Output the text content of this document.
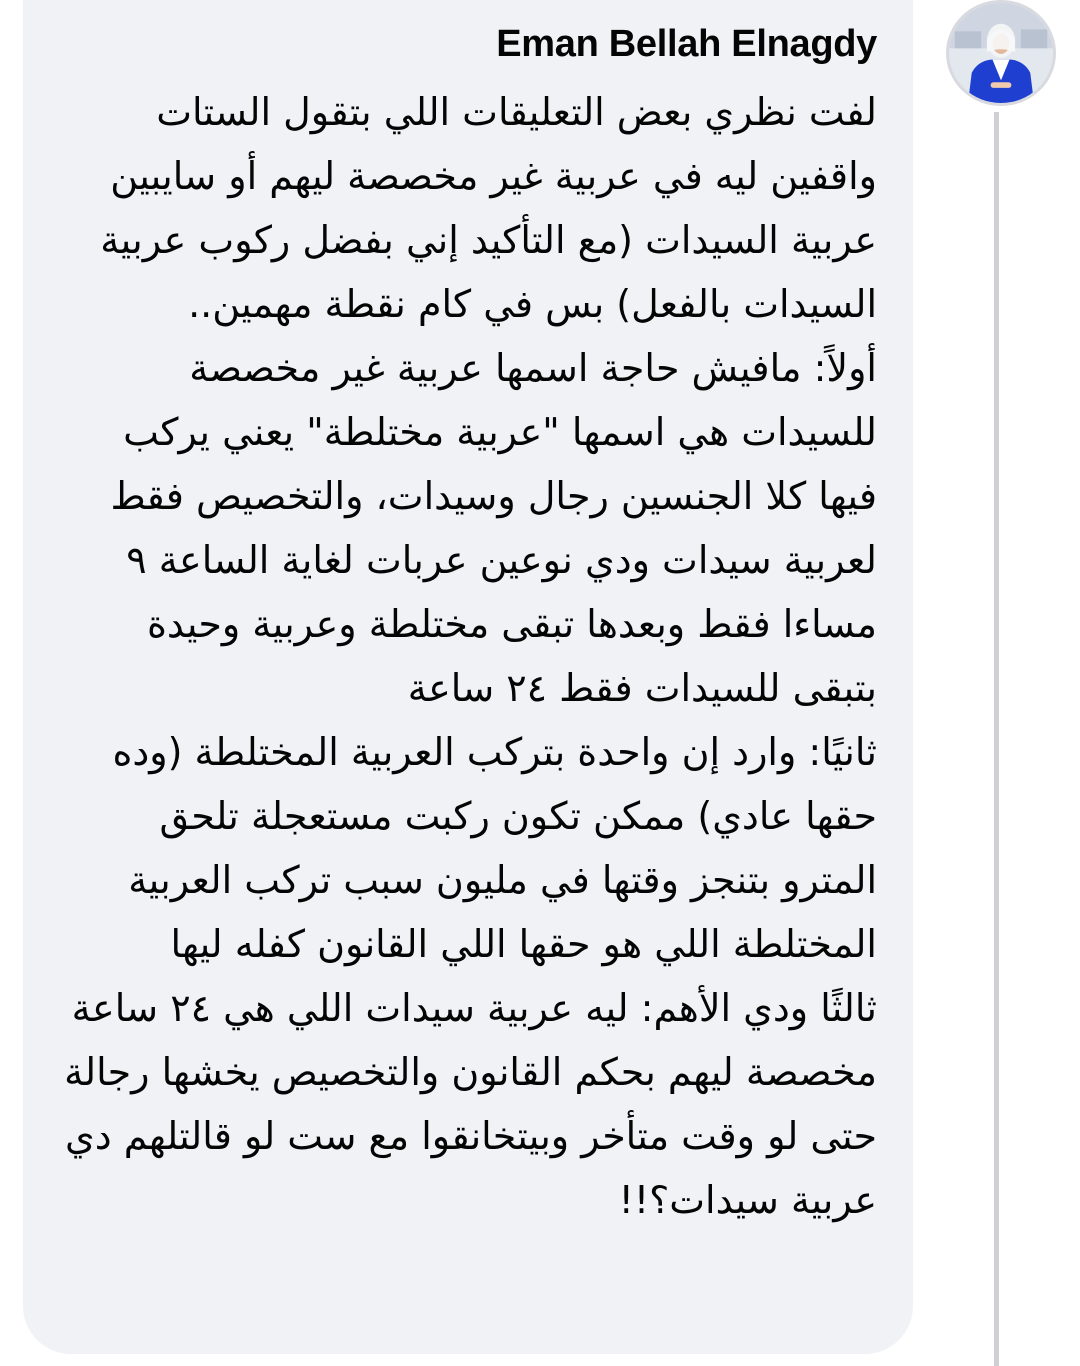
Eman Bellah Elnagdy

لفت نظري بعض التعليقات اللي بتقول الستات واقفين ليه في عربية غير مخصصة ليهم أو سايبين عربية السيدات (مع التأكيد إني بفضل ركوب عربية السيدات بالفعل) بس في كام نقطة مهمين..

أولاً: مافيش حاجة اسمها عربية غير مخصصة للسيدات هي اسمها "عربية مختلطة" يعني يركب فيها كلا الجنسين رجال وسيدات، والتخصيص فقط لعربية سيدات ودي نوعين عربات لغاية الساعة ٩ مساءا فقط وبعدها تبقى مختلطة وعربية وحيدة بتبقى للسيدات فقط ٢٤ ساعة

ثانيًا: وارد إن واحدة بتركب العربية المختلطة (وده حقها عادي) ممكن تكون ركبت مستعجلة تلحق المترو بتنجز وقتها في مليون سبب تركب العربية المختلطة اللي هو حقها اللي القانون كفله ليها

ثالثًا ودي الأهم: ليه عربية سيدات اللي هي ٢٤ ساعة مخصصة ليهم بحكم القانون والتخصيص يخشها رجالة حتى لو وقت متأخر وبيتخانقوا مع ست لو قالتلهم دي عربية سيدات؟!!
